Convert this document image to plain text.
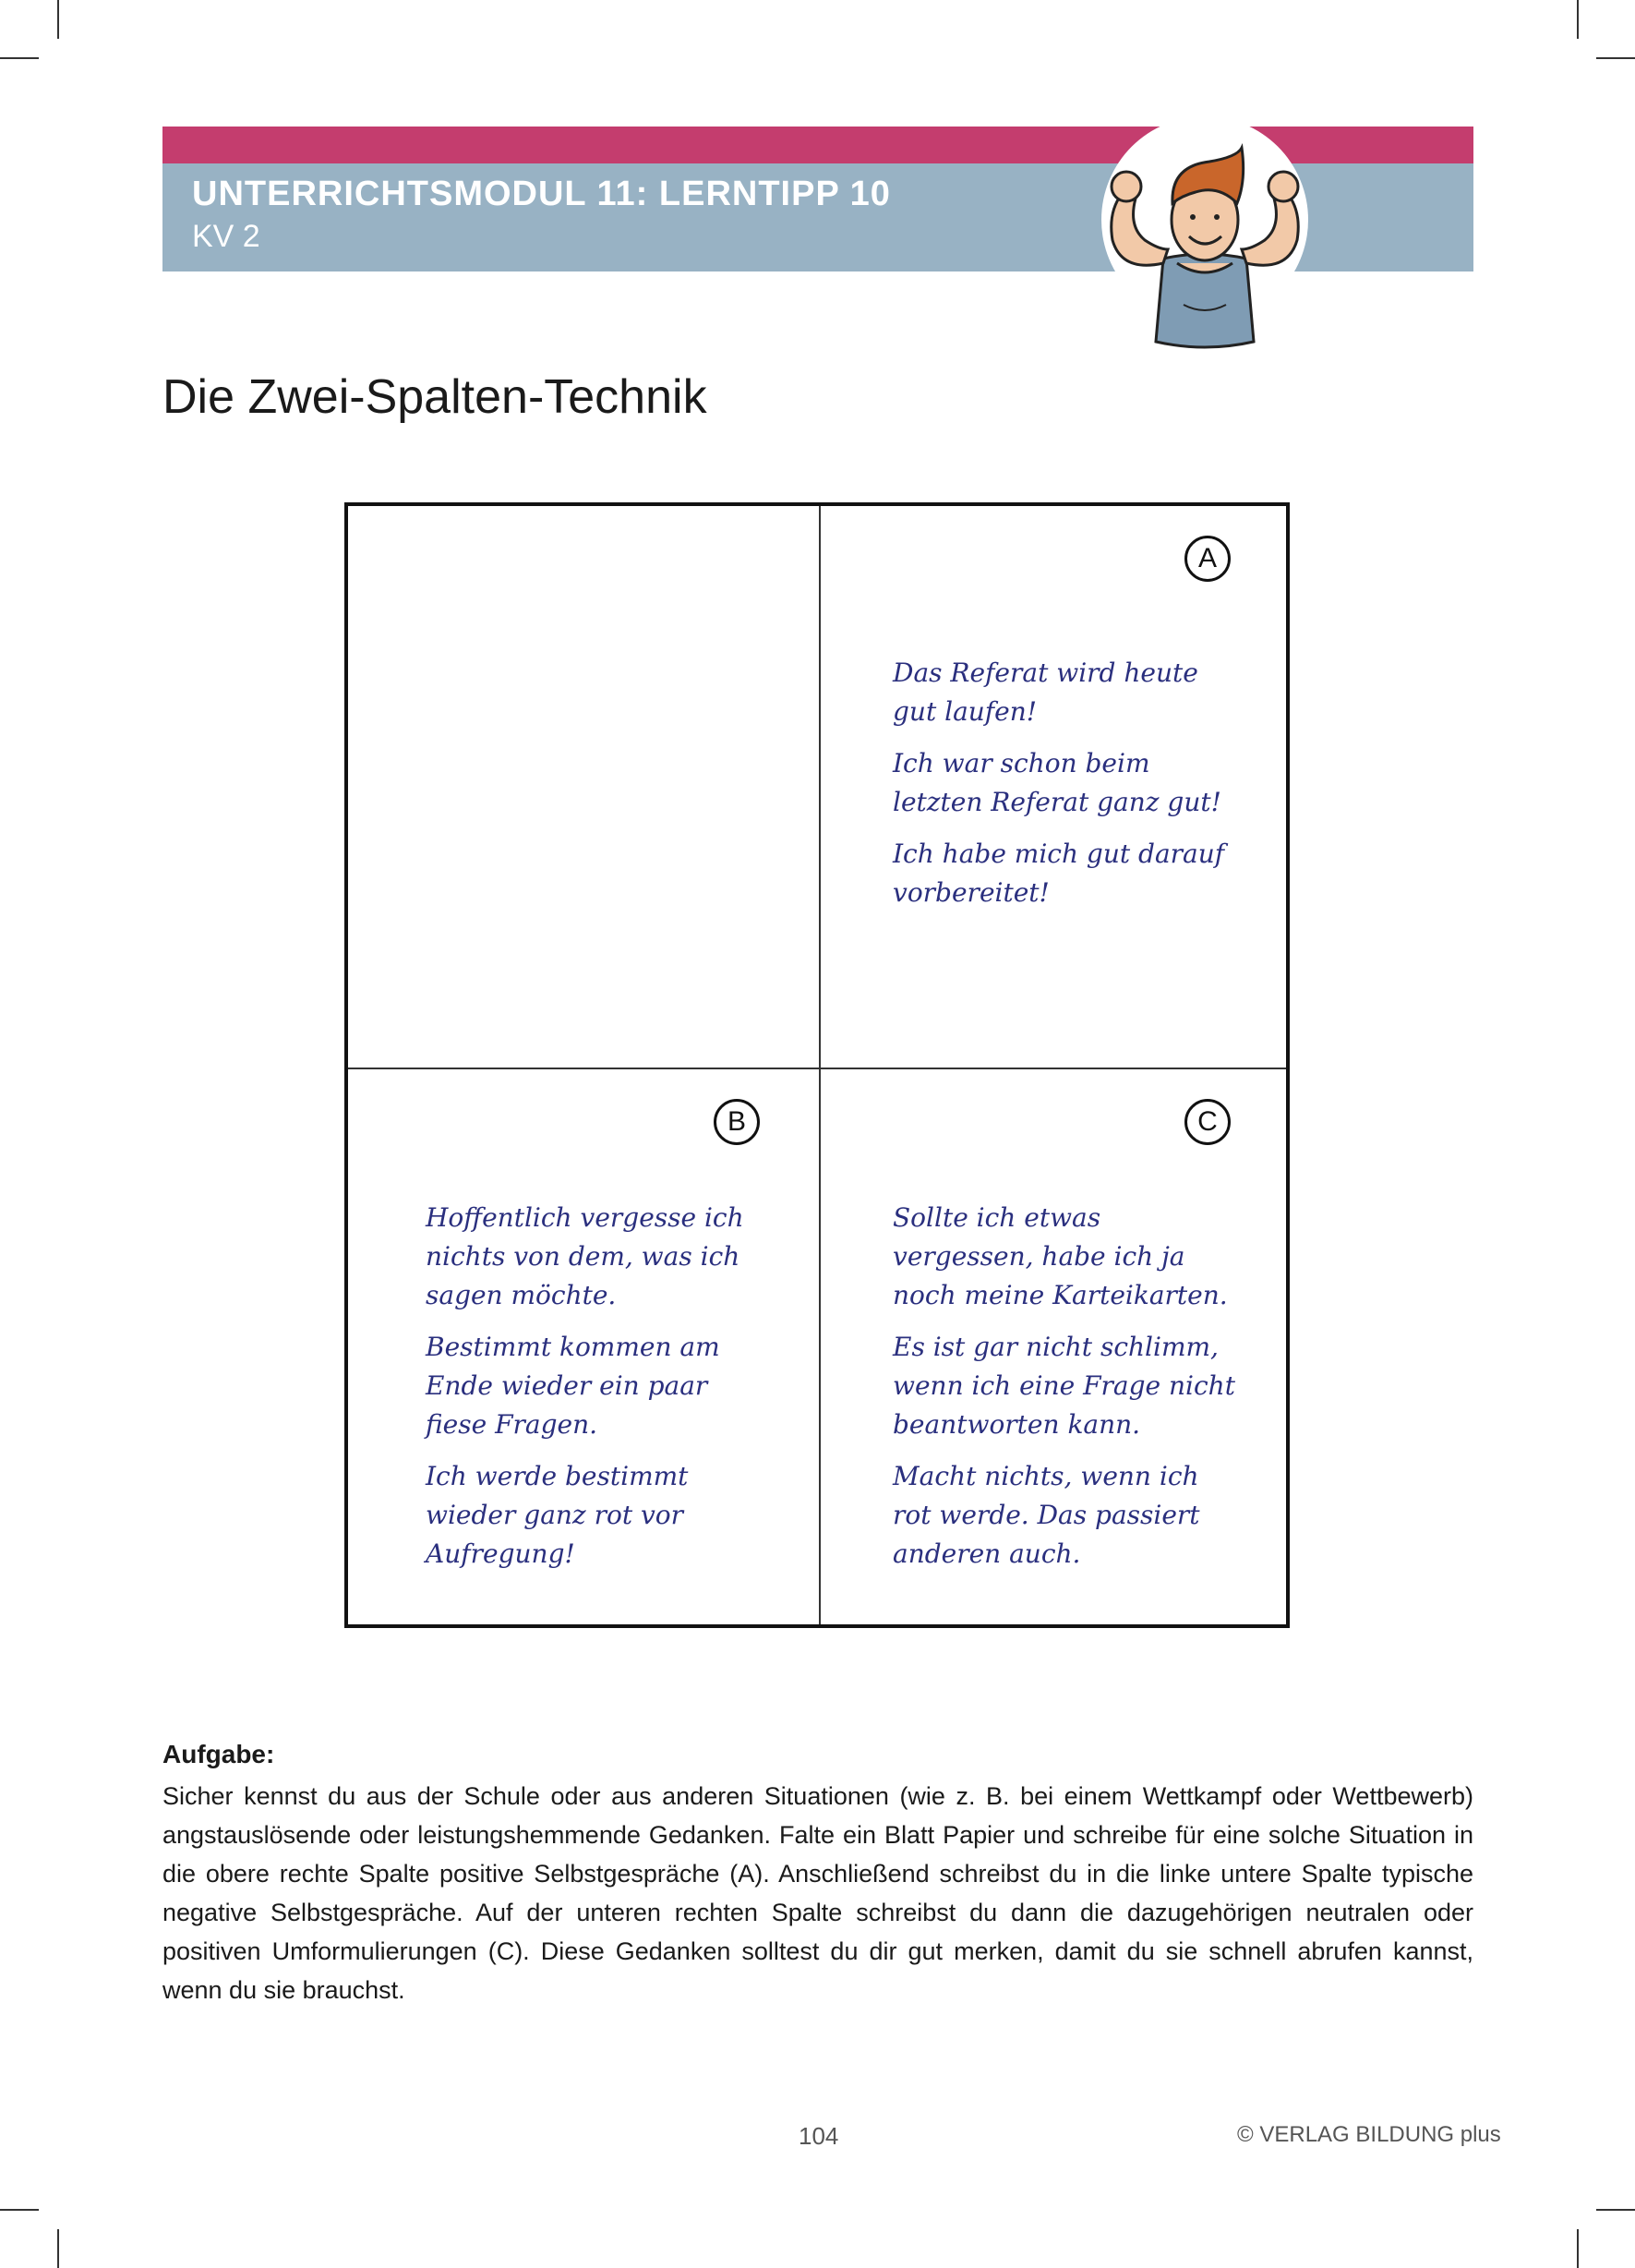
UNTERRICHTSMODUL 11: LERNTIPP 10
KV 2
Die Zwei-Spalten-Technik
A

Das Referat wird heute gut laufen!

Ich war schon beim letzten Referat ganz gut!

Ich habe mich gut darauf vorbereitet!

B

Hoffentlich vergesse ich nichts von dem, was ich sagen möchte.

Bestimmt kommen am Ende wieder ein paar fiese Fragen.

Ich werde bestimmt wieder ganz rot vor Aufregung!

C

Sollte ich etwas vergessen, habe ich ja noch meine Karteikarten.

Es ist gar nicht schlimm, wenn ich eine Frage nicht beantworten kann.

Macht nichts, wenn ich rot werde. Das passiert anderen auch.

Aufgabe:
Sicher kennst du aus der Schule oder aus anderen Situationen (wie z. B. bei einem Wettkampf oder Wettbewerb) angstauslösende oder leistungshemmende Gedanken. Falte ein Blatt Papier und schreibe für eine solche Situation in die obere rechte Spalte positive Selbstgespräche (A). Anschließend schreibst du in die linke untere Spalte typische negative Selbstgespräche. Auf der unteren rechten Spalte schreibst du dann die dazugehörigen neutralen oder positiven Umformulierungen (C). Diese Gedanken solltest du dir gut merken, damit du sie schnell abrufen kannst, wenn du sie brauchst.
104	© VERLAG BILDUNG plus
